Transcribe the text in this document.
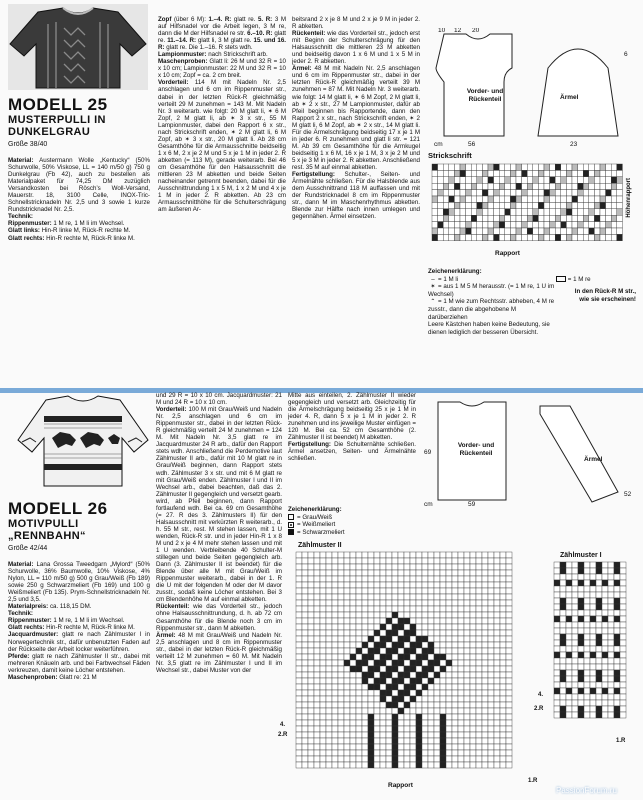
MODELL 25
MUSTERPULLI IN
DUNKELGRAU
Größe 38/40

Material: Austermann Wolle „Kentucky“ (50% Schurwolle, 50% Viskose, LL = 140 m/50 g) 750 g Dunkelgrau (Fb 42), auch zu bestellen als Materialpaket für 74,25 DM zuzüglich Versandkosten bei Rösch’s Woll-Versand, Mauerstr. 18, 3100 Celle, INOX-Tric-Schnellstricknadeln Nr. 2,5 und 3 sowie 1 kurze Rundstricknadel Nr. 2,5.

Technik:

Rippenmuster: 1 M re, 1 M li im Wechsel.

Glatt links: Hin-R linke M, Rück-R rechte M.

Glatt rechts: Hin-R rechte M, Rück-R linke M.

Zopf (über 6 M): 1.–4. R: glatt re. 5. R: 3 M auf Hilfsnadel vor die Arbeit legen, 3 M re, dann die M der Hilfsnadel re str. 6.–10. R: glatt re. 11.–14. R: glatt li, 3 M glatt re. 15. und 16. R: glatt re. Die 1.–16. R stets wdh.

Lampionmuster: nach Strickschrift arb.

Maschenproben: Glatt li: 26 M und 32 R = 10 x 10 cm; Lampionmuster: 22 M und 32 R = 10 x 10 cm; Zopf = ca. 2 cm breit.

Vorderteil: 114 M mit Nadeln Nr. 2,5 anschlagen und 6 cm im Rippenmuster str., dabei in der letzten Rück-R gleichmäßig verteilt 29 M zunehmen = 143 M. Mit Nadeln Nr. 3 weiterarb. wie folgt: 20 M glatt li, ✶ 6 M Zopf, 2 M glatt li, ab ✶ 3 x str., 55 M Lampionmuster, dabei den Rapport 6 x str., nach Strickschrift enden, ✶ 2 M glatt li, 6 M Zopf, ab ✶ 3 x str., 20 M glatt li. Ab 28 cm Gesamthöhe für die Armausschnitte beidseitig 1 x 6 M, 2 x je 2 M und 5 x je 1 M in jeder 2. R abketten (= 113 M), gerade weiterarb. Bei 46 cm Gesamthöhe für den Halsausschnitt die mittleren 23 M abketten und beide Seiten nacheinander getrennt beenden, dabei für die Ausschnittrundung 1 x 5 M, 1 x 2 M und 4 x je 1 M in jeder 2. R abketten. Ab 23 cm Armausschnitthöhe für die Schulterschrägung am äußeren Ar-

beitsrand 2 x je 8 M und 2 x je 9 M in jeder 2. R abketten.

Rückenteil: wie das Vorderteil str., jedoch erst mit Beginn der Schulterschrägung für den Halsausschnitt die mittleren 23 M abketten und beidseitig davon 1 x 6 M und 1 x 5 M in jeder 2. R abketten.

Ärmel: 48 M mit Nadeln Nr. 2,5 anschlagen und 6 cm im Rippenmuster str., dabei in der letzten Rück-R gleichmäßig verteilt 39 M zunehmen = 87 M. Mit Nadeln Nr. 3 weiterarb. wie folgt: 14 M glatt li, ✶ 6 M Zopf, 2 M glatt li, ab ✶ 2 x str., 27 M Lampionmuster, dafür ab Pfeil beginnen bis Rapportende, dann den Rapport 2 x str., nach Strickschrift enden, ✶ 2 M glatt li, 6 M Zopf, ab ✶ 2 x str., 14 M glatt li. Für die Ärmelschrägung beidseitig 17 x je 1 M in jeder 6. R zunehmen und glatt li str. = 121 M. Ab 39 cm Gesamthöhe für die Armkugel beidseitig 1 x 6 M, 16 x je 1 M, 3 x je 2 M und 5 x je 3 M in jeder 2. R abketten. Anschließend rest. 35 M auf einmal abketten.

Fertigstellung: Schulter-, Seiten- und Ärmelnähte schließen. Für die Halsblende aus dem Ausschnittrand 118 M auffassen und mit der Rundstricknadel 8 cm im Rippenmuster str., dann M im Maschenrhythmus abketten. Blende zur Hälfte nach innen umlegen und gegennähen. Ärmel einsetzen.

10 12 20
cm	56	23
6
Vorder- und Rückenteil	Ärmel
Strickschrift
Höhenrapport
Rapport
Zeichenerklärung:
– = 1 M li
✶ = aus 1 M 5 M herausstr. (= 1 M re, 1 U im Wechsel)
⌃ = 1 M wie zum Rechtsstr. abheben, 4 M re zusstr., dann die abgehobene M darüberziehen
Leere Kästchen haben keine Bedeutung, sie dienen lediglich der besseren Übersicht.
= 1 M re
In den Rück-R M str., wie sie erscheinen!
MODELL 26
MOTIVPULLI
„RENNBAHN“
Größe 42/44

Material: Lana Grossa Tweedgarn „Mylord“ (50% Schurwolle, 36% Baumwolle, 10% Viskose, 4% Nylon, LL = 110 m/50 g) 500 g Grau/Weiß (Fb 189) sowie 250 g Schwarzmeliert (Fb 169) und 100 g Weißmeliert (Fb 135). Prym-Schnellstricknadeln Nr. 2,5 und 3,5.

Materialpreis: ca. 118,15 DM.

Technik:

Rippenmuster: 1 M re, 1 M li im Wechsel.

Glatt rechts: Hin-R rechte M, Rück-R linke M.

Jacquardmuster: glatt re nach Zählmuster I in Norwegertechnik str., dafür unbenutzten Faden auf der Rückseite der Arbeit locker weiterführen.

Pferde: glatt re nach Zählmuster II str., dabei mit mehreren Knäueln arb. und bei Farbwechsel Fäden verkreuzen, damit keine Löcher entstehen.

Maschenproben: Glatt re: 21 M

und 29 R = 10 x 10 cm. Jacquardmuster: 21 M und 24 R = 10 x 10 cm.

Vorderteil: 100 M mit Grau/Weiß und Nadeln Nr. 2,5 anschlagen und 6 cm im Rippenmuster str., dabei in der letzten Rück-R gleichmäßig verteilt 24 M zunehmen = 124 M. Mit Nadeln Nr. 3,5 glatt re im Jacquardmuster 24 R arb., dafür den Rapport stets wdh. Anschließend die Perdemotive laut Zählmuster II arb., dafür mit 10 M glatt re in Grau/Weiß beginnen, dann Rapport stets wdh. Zählmuster 3 x str. und mit 6 M glatt re mit Grau/Weiß enden. Zählmuster I und II im Wechsel arb., dabei beachten, daß das 2. Zählmuster II gegengleich und versetzt gearb. wird, ab Pfeil beginnen, dann Rapport fortlaufend wdh. Bei ca. 69 cm Gesamthöhe (= 27. R des 3. Zählmusters II) für den Halsausschnitt mit verkürzten R weiterarb., d. h. 55 M str., rest. M stehen lassen, mit 1 U wenden, Rück-R str. und in jeder Hin-R 1 x 8 M und 2 x je 4 M mehr stehen lassen und mit 1 U wenden. Verbleibende 40 Schulter-M stillegen und beide Seiten gegengleich arb. Dann (3. Zählmuster II ist beendet) für die Blende über alle M mit Grau/Weiß im Rippenmuster weiterarb., dabei in der 1. R die U mit der folgenden M oder der M davor zusstr., sodaß keine Löcher entstehen. Bei 3 cm Blendenhöhe M auf einmal abketten.

Rückenteil: wie das Vorderteil str., jedoch ohne Halsausschnittrundung, d. h. ab 72 cm Gesamthöhe für die Blende noch 3 cm im Rippenmuster str., dann M abketten.

Ärmel: 48 M mit Grau/Weiß und Nadeln Nr. 2,5 anschlagen und 8 cm im Rippenmuster str., dabei in der letzten Rück-R gleichmäßig verteilt 12 M zunehmen = 60 M. Mit Nadeln Nr. 3,5 glatt re im Zählmuster I und II im Wechsel str., dabei Muster von der

Mitte aus einteilen, 2. Zählmuster II wieder gegengleich und versetzt arb. Gleichzeitig für die Ärmelschrägung beidseitig 25 x je 1 M in jeder 4. R, dann 5 x je 1 M in jeder 2. R zunehmen und ins jeweilige Muster einfügen = 120 M. Bei ca. 52 cm Gesamthöhe (2. Zählmuster II ist beendet) M abketten.

Fertigstellung: Die Schulternähte schließen. Ärmel ansetzen, Seiten- und Ärmelnähte schließen.

69
cm	59
52
Vorder- und Rückenteil
Ärmel
Zeichenerklärung:
= Grau/Weiß
= Weißmeliert
= Schwarzmeliert
Zählmuster II
Rapport
4.
2.R
1.R
Zählmuster I
4.
2.R
1.R
PassionForum.ru
